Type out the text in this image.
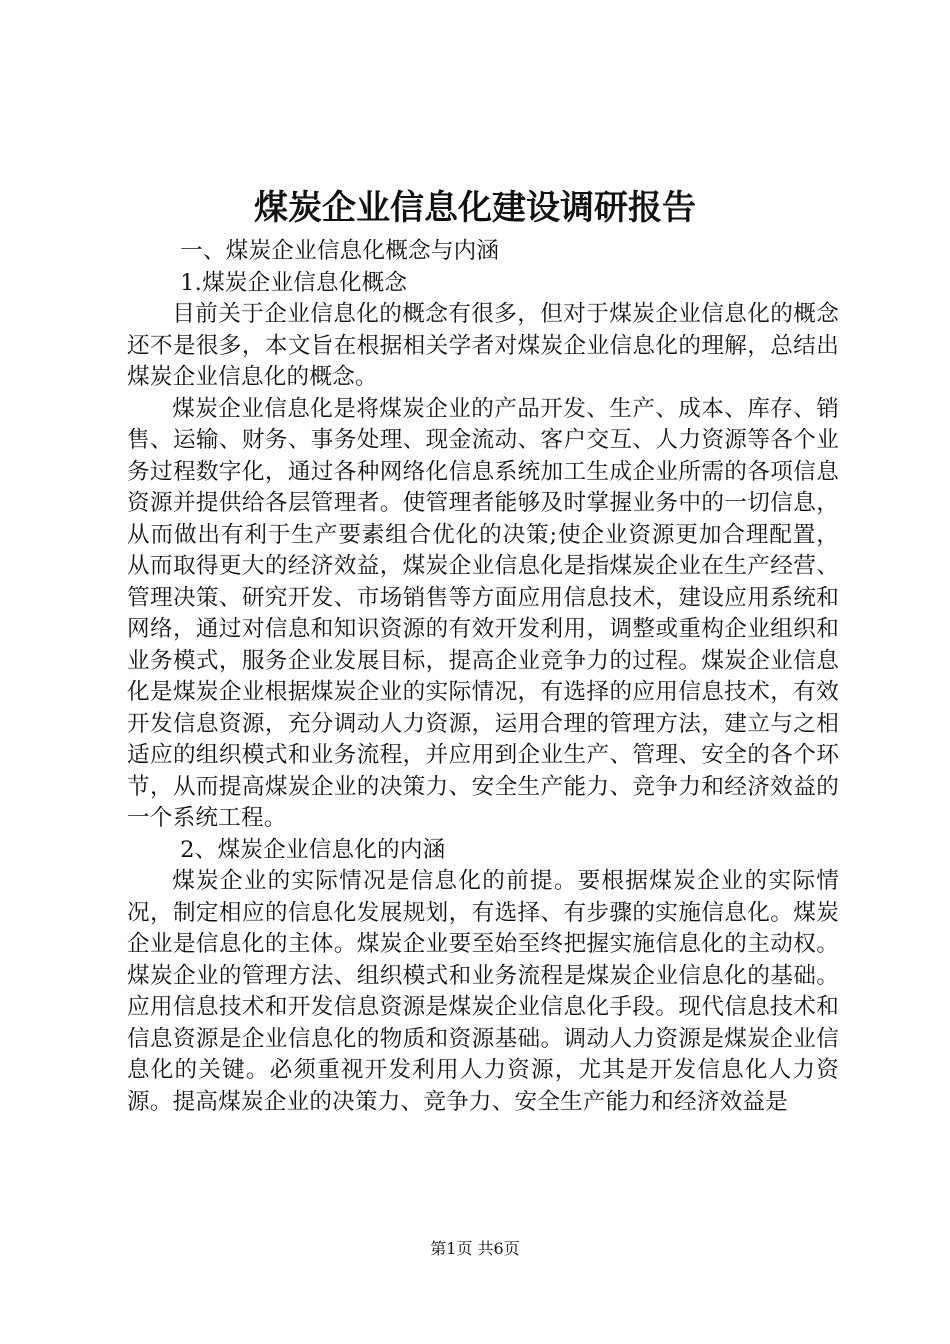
煤炭企业信息化建设调研报告

一、煤炭企业信息化概念与内涵

1.煤炭企业信息化概念

目前关于企业信息化的概念有很多，但对于煤炭企业信息化的概念还不是很多，本文旨在根据相关学者对煤炭企业信息化的理解，总结出煤炭企业信息化的概念。

煤炭企业信息化是将煤炭企业的产品开发、生产、成本、库存、销售、运输、财务、事务处理、现金流动、客户交互、人力资源等各个业务过程数字化，通过各种网络化信息系统加工生成企业所需的各项信息资源并提供给各层管理者。使管理者能够及时掌握业务中的一切信息，从而做出有利于生产要素组合优化的决策;使企业资源更加合理配置，从而取得更大的经济效益，煤炭企业信息化是指煤炭企业在生产经营、管理决策、研究开发、市场销售等方面应用信息技术，建设应用系统和网络，通过对信息和知识资源的有效开发利用，调整或重构企业组织和业务模式，服务企业发展目标，提高企业竞争力的过程。煤炭企业信息化是煤炭企业根据煤炭企业的实际情况，有选择的应用信息技术，有效开发信息资源，充分调动人力资源，运用合理的管理方法，建立与之相适应的组织模式和业务流程，并应用到企业生产、管理、安全的各个环节，从而提高煤炭企业的决策力、安全生产能力、竞争力和经济效益的一个系统工程。

2、煤炭企业信息化的内涵

煤炭企业的实际情况是信息化的前提。要根据煤炭企业的实际情况，制定相应的信息化发展规划，有选择、有步骤的实施信息化。煤炭企业是信息化的主体。煤炭企业要至始至终把握实施信息化的主动权。煤炭企业的管理方法、组织模式和业务流程是煤炭企业信息化的基础。应用信息技术和开发信息资源是煤炭企业信息化手段。现代信息技术和信息资源是企业信息化的物质和资源基础。调动人力资源是煤炭企业信息化的关键。必须重视开发利用人力资源，尤其是开发信息化人力资源。提高煤炭企业的决策力、竞争力、安全生产能力和经济效益是

第1页 共6页
